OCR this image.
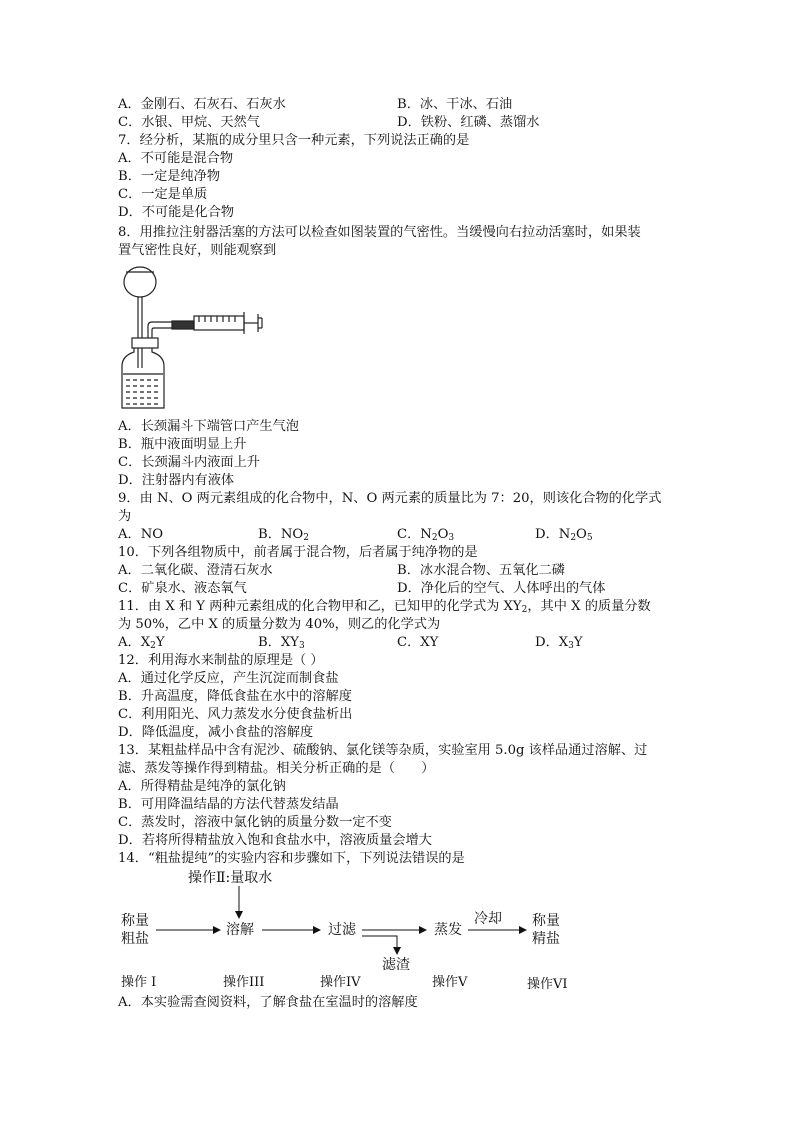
A．金刚石、石灰石、石灰水	B．冰、干冰、石油
C．水银、甲烷、天然气	D．铁粉、红磷、蒸馏水
7．经分析，某瓶的成分里只含一种元素，下列说法正确的是
A．不可能是混合物
B．一定是纯净物
C．一定是单质
D．不可能是化合物
8．用推拉注射器活塞的方法可以检查如图装置的气密性。当缓慢向右拉动活塞时，如果装
置气密性良好，则能观察到
A．长颈漏斗下端管口产生气泡
B．瓶中液面明显上升
C．长颈漏斗内液面上升
D．注射器内有液体
9．由 N、O 两元素组成的化合物中，N、O 两元素的质量比为 7：20，则该化合物的化学式
为
A．NO	B．$NO_2$	C．$N_2O_3$	D．$N_2O_5$
10．下列各组物质中，前者属于混合物，后者属于纯净物的是
A．二氧化碳、澄清石灰水	B．冰水混合物、五氧化二磷
C．矿泉水、液态氧气	D．净化后的空气、人体呼出的气体
11．由 X 和 Y 两种元素组成的化合物甲和乙，已知甲的化学式为 $XY_2$，其中 X 的质量分数
为 50%，乙中 X 的质量分数为 40%，则乙的化学式为
A．$X_2Y$	B．$XY_3$	C．XY	D．$X_3Y$
12．利用海水来制盐的原理是（ ）
A．通过化学反应，产生沉淀而制食盐
B．升高温度，降低食盐在水中的溶解度
C．利用阳光、风力蒸发水分使食盐析出
D．降低温度，减小食盐的溶解度
13．某粗盐样品中含有泥沙、硫酸钠、氯化镁等杂质，实验室用 5.0g 该样品通过溶解、过
滤、蒸发等操作得到精盐。相关分析正确的是（　　）
A．所得精盐是纯净的氯化钠
B．可用降温结晶的方法代替蒸发结晶
C．蒸发时，溶液中氯化钠的质量分数一定不变
D．若将所得精盐放入饱和食盐水中，溶液质量会增大
14．“粗盐提纯”的实验内容和步骤如下，下列说法错误的是
操作Ⅱ:量取水
称量
粗盐
溶解	过滤	蒸发
冷却 称量
精盐
滤渣
操作 I	操作III	操作IV	操作V	操作VI
A．本实验需查阅资料，了解食盐在室温时的溶解度
